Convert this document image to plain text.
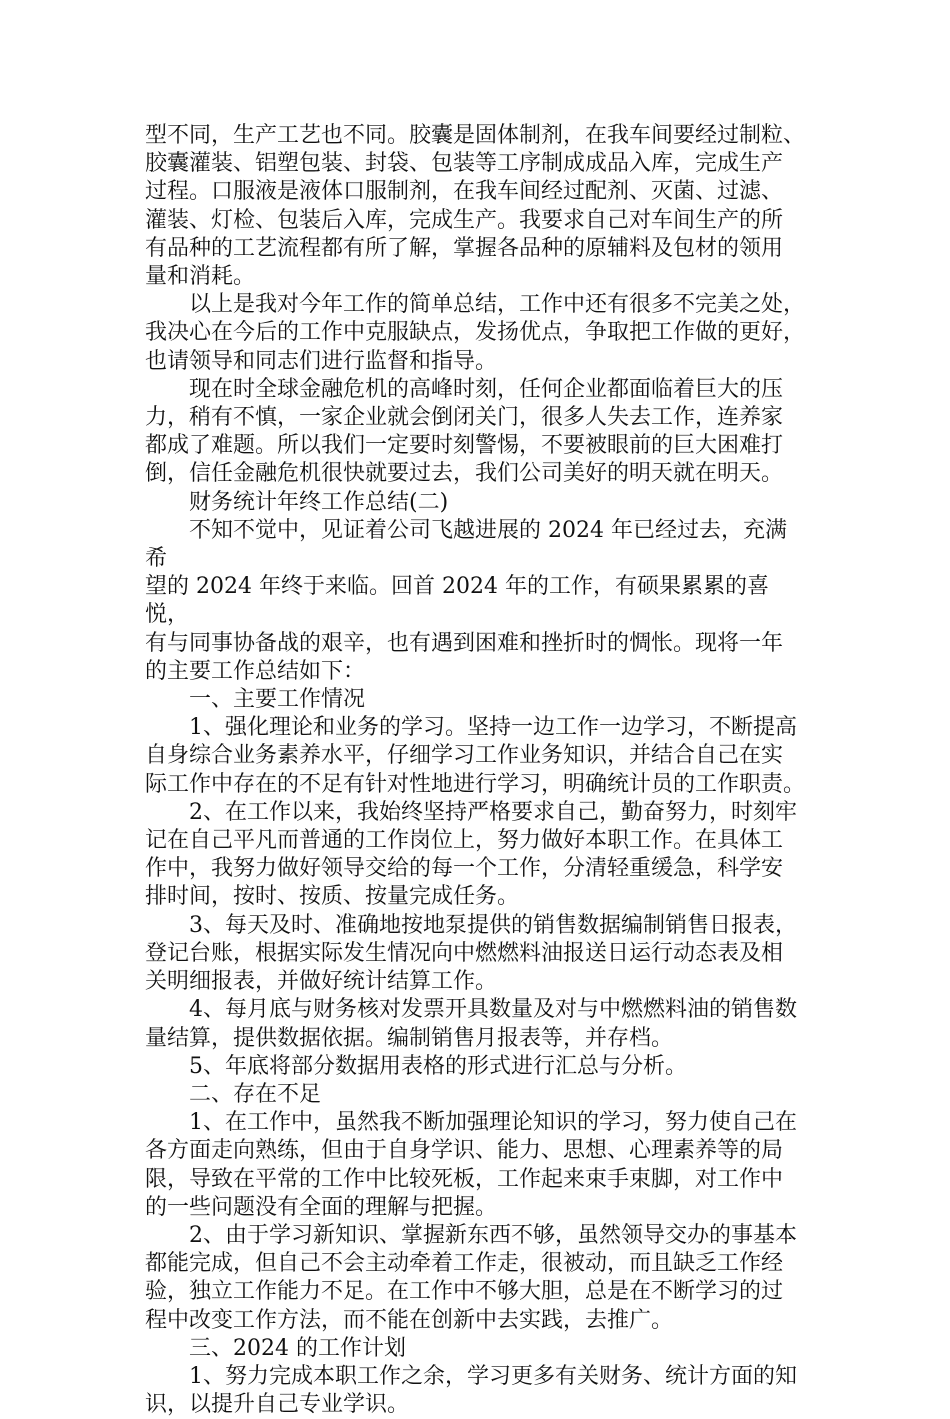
型不同，生产工艺也不同。胶囊是固体制剂，在我车间要经过制粒、
胶囊灌装、铝塑包装、封袋、包装等工序制成成品入库，完成生产
过程。口服液是液体口服制剂，在我车间经过配剂、灭菌、过滤、
灌装、灯检、包装后入库，完成生产。我要求自己对车间生产的所
有品种的工艺流程都有所了解，掌握各品种的原辅料及包材的领用
量和消耗。

以上是我对今年工作的简单总结，工作中还有很多不完美之处，
我决心在今后的工作中克服缺点，发扬优点，争取把工作做的更好，
也请领导和同志们进行监督和指导。

现在时全球金融危机的高峰时刻，任何企业都面临着巨大的压
力，稍有不慎，一家企业就会倒闭关门，很多人失去工作，连养家
都成了难题。所以我们一定要时刻警惕，不要被眼前的巨大困难打
倒，信任金融危机很快就要过去，我们公司美好的明天就在明天。

财务统计年终工作总结(二)

不知不觉中，见证着公司飞越进展的 2024 年已经过去，充满希
望的 2024 年终于来临。回首 2024 年的工作，有硕果累累的喜悦，
有与同事协备战的艰辛，也有遇到困难和挫折时的惆怅。现将一年
的主要工作总结如下：

一、主要工作情况

1、强化理论和业务的学习。坚持一边工作一边学习，不断提高
自身综合业务素养水平，仔细学习工作业务知识，并结合自己在实
际工作中存在的不足有针对性地进行学习，明确统计员的工作职责。

2、在工作以来，我始终坚持严格要求自己，勤奋努力，时刻牢
记在自己平凡而普通的工作岗位上，努力做好本职工作。在具体工
作中，我努力做好领导交给的每一个工作，分清轻重缓急，科学安
排时间，按时、按质、按量完成任务。

3、每天及时、准确地按地泵提供的销售数据编制销售日报表，
登记台账，根据实际发生情况向中燃燃料油报送日运行动态表及相
关明细报表，并做好统计结算工作。

4、每月底与财务核对发票开具数量及对与中燃燃料油的销售数
量结算，提供数据依据。编制销售月报表等，并存档。

5、年底将部分数据用表格的形式进行汇总与分析。

二、存在不足

1、在工作中，虽然我不断加强理论知识的学习，努力使自己在
各方面走向熟练，但由于自身学识、能力、思想、心理素养等的局
限，导致在平常的工作中比较死板，工作起来束手束脚，对工作中
的一些问题没有全面的理解与把握。

2、由于学习新知识、掌握新东西不够，虽然领导交办的事基本
都能完成，但自己不会主动牵着工作走，很被动，而且缺乏工作经
验，独立工作能力不足。在工作中不够大胆，总是在不断学习的过
程中改变工作方法，而不能在创新中去实践，去推广。

三、2024 的工作计划

1、努力完成本职工作之余，学习更多有关财务、统计方面的知
识，以提升自己专业学识。
